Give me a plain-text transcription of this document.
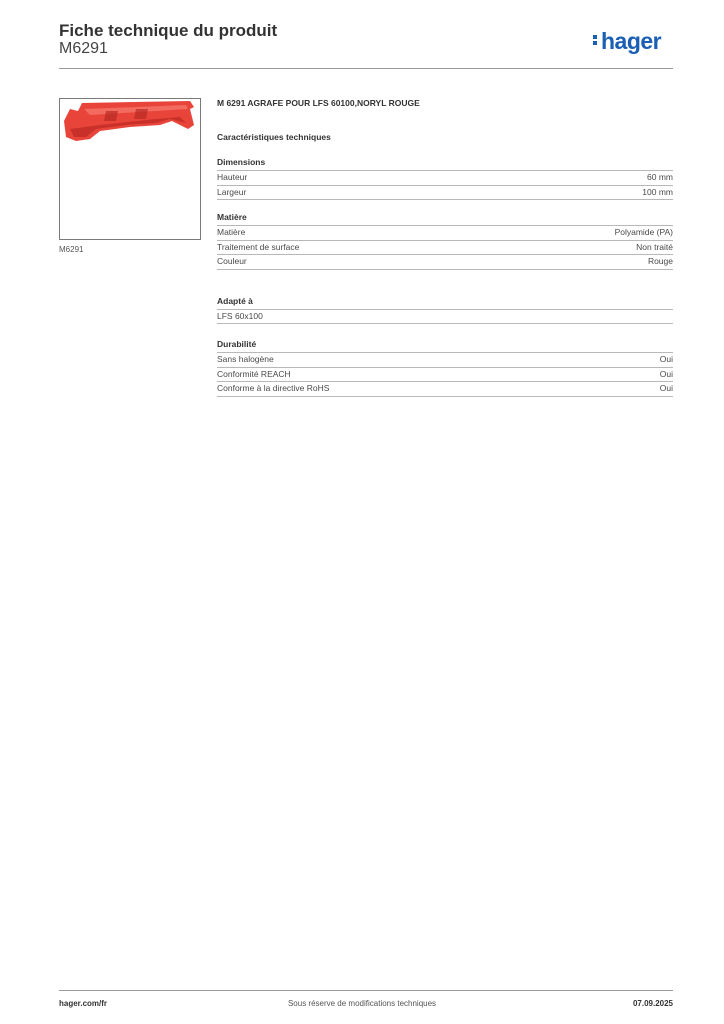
Fiche technique du produit
M6291	hager
M6291
M 6291 AGRAFE POUR LFS 60100,NORYL ROUGE
Caractéristiques techniques
Dimensions
Hauteur	60 mm
Largeur	100 mm
Matière
Matière	Polyamide (PA)
Traitement de surface	Non traité
Couleur	Rouge
Adapté à
LFS 60x100
Durabilité
Sans halogène	Oui
Conformité REACH	Oui
Conforme à la directive RoHS	Oui
hager.com/fr	Sous réserve de modifications techniques	07.09.2025
